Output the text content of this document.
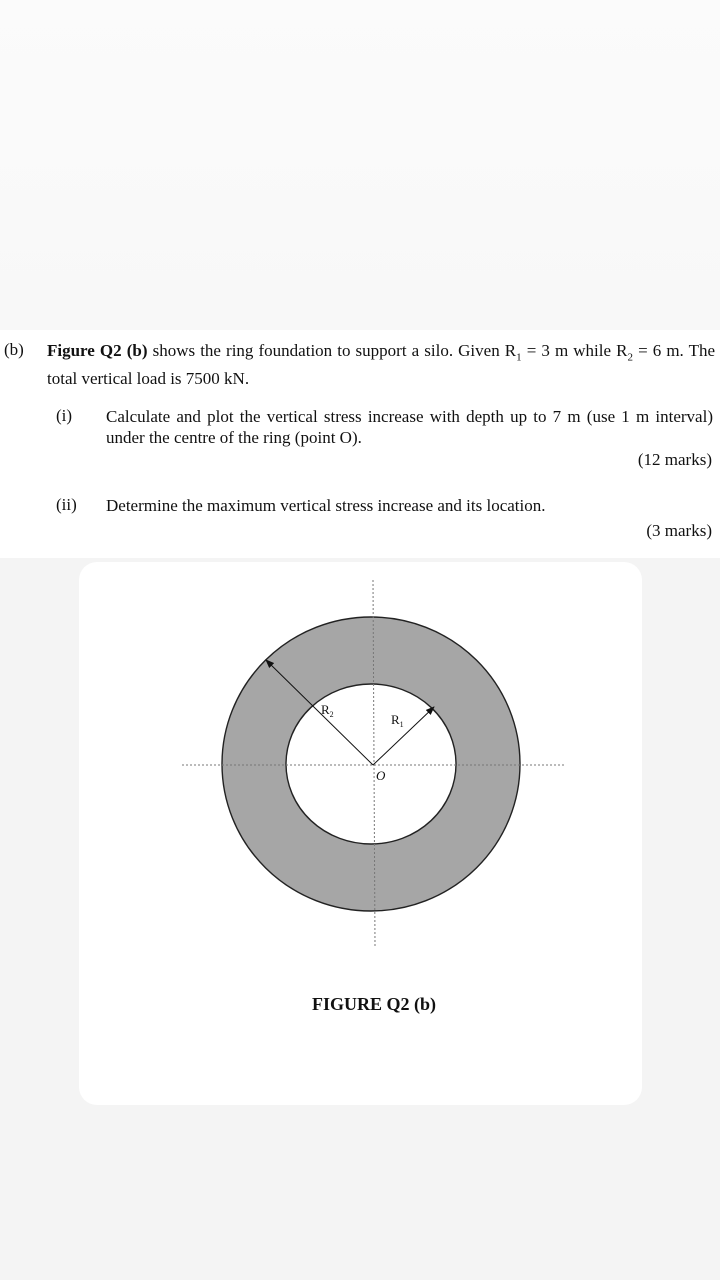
(b) Figure Q2 (b) shows the ring foundation to support a silo. Given $R_1 = 3$ m while $R_2 = 6$ m. The total vertical load is 7500 kN.
(i) Calculate and plot the vertical stress increase with depth up to 7 m (use 1 m interval) under the centre of the ring (point O).
(12 marks)
(ii) Determine the maximum vertical stress increase and its location.
(3 marks)
$R_2$	$R_1$
O
FIGURE Q2 (b)
